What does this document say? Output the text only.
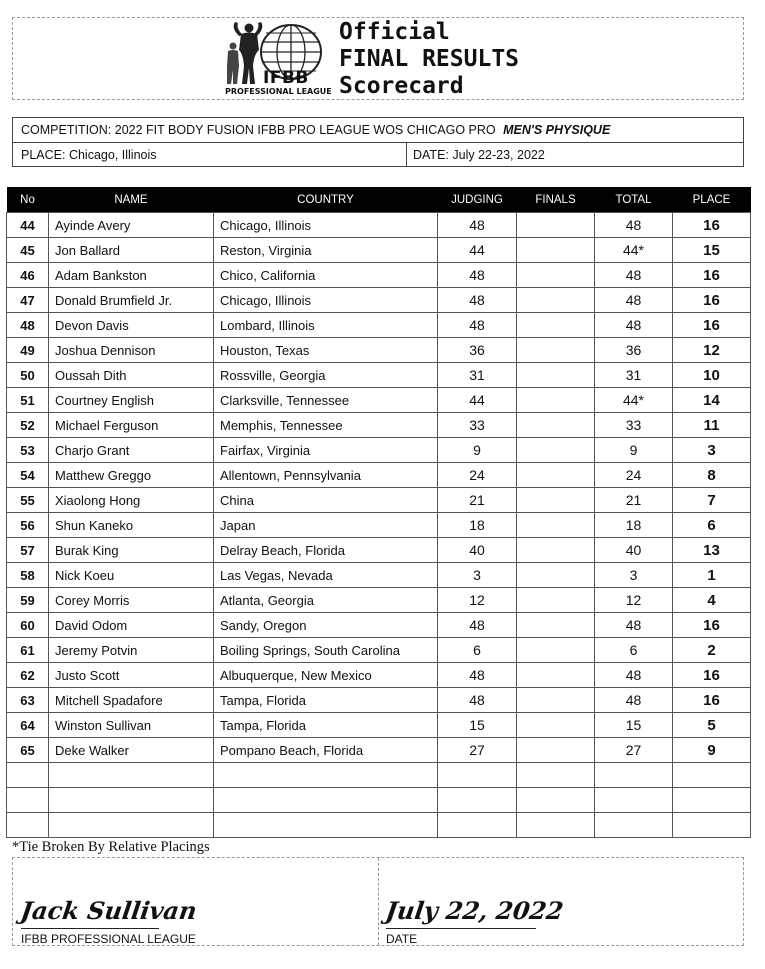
IFBB
PROFESSIONAL LEAGUE
Official
FINAL RESULTS
Scorecard
COMPETITION: 2022 FIT BODY FUSION IFBB PRO LEAGUE WOS CHICAGO PRO MEN'S PHYSIQUE
PLACE: Chicago, Illinois	DATE: July 22-23, 2022
No	NAME	COUNTRY	JUDGING	FINALS	TOTAL	PLACE
44	Ayinde Avery	Chicago, Illinois	48		48	16
45	Jon Ballard	Reston, Virginia	44		44*	15
46	Adam Bankston	Chico, California	48		48	16
47	Donald Brumfield Jr.	Chicago, Illinois	48		48	16
48	Devon Davis	Lombard, Illinois	48		48	16
49	Joshua Dennison	Houston, Texas	36		36	12
50	Oussah Dith	Rossville, Georgia	31		31	10
51	Courtney English	Clarksville, Tennessee	44		44*	14
52	Michael Ferguson	Memphis, Tennessee	33		33	11
53	Charjo Grant	Fairfax, Virginia	9		9	3
54	Matthew Greggo	Allentown, Pennsylvania	24		24	8
55	Xiaolong Hong	China	21		21	7
56	Shun Kaneko	Japan	18		18	6
57	Burak King	Delray Beach, Florida	40		40	13
58	Nick Koeu	Las Vegas, Nevada	3		3	1
59	Corey Morris	Atlanta, Georgia	12		12	4
60	David Odom	Sandy, Oregon	48		48	16
61	Jeremy Potvin	Boiling Springs, South Carolina	6		6	2
62	Justo Scott	Albuquerque, New Mexico	48		48	16
63	Mitchell Spadafore	Tampa, Florida	48		48	16
64	Winston Sullivan	Tampa, Florida	15		15	5
65	Deke Walker	Pompano Beach, Florida	27		27	9

*Tie Broken By Relative Placings
Jack Sullivan
IFBB PROFESSIONAL LEAGUE
July 22, 2022
DATE
